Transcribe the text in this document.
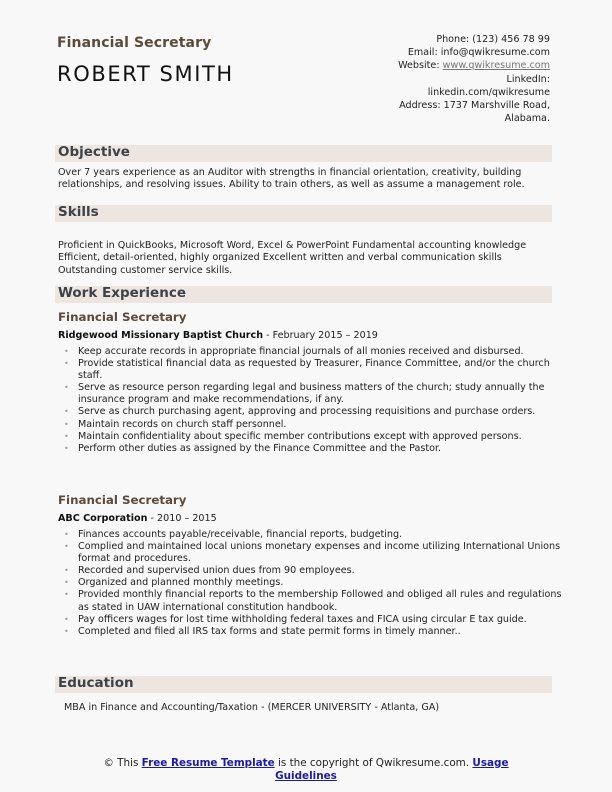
Financial Secretary
ROBERT SMITH
Phone: (123) 456 78 99
Email: info@qwikresume.com
Website: www.qwikresume.com
LinkedIn:
linkedin.com/qwikresume
Address: 1737 Marshville Road,
Alabama.
Objective
Over 7 years experience as an Auditor with strengths in financial orientation, creativity, building relationships, and resolving issues. Ability to train others, as well as assume a management role.
Skills
Proficient in QuickBooks, Microsoft Word, Excel & PowerPoint Fundamental accounting knowledge Efficient, detail-oriented, highly organized Excellent written and verbal communication skills Outstanding customer service skills.
Work Experience
Financial Secretary
Ridgewood Missionary Baptist Church - February 2015 – 2019
• Keep accurate records in appropriate financial journals of all monies received and disbursed.
• Provide statistical financial data as requested by Treasurer, Finance Committee, and/or the church staff.
• Serve as resource person regarding legal and business matters of the church; study annually the insurance program and make recommendations, if any.
• Serve as church purchasing agent, approving and processing requisitions and purchase orders.
• Maintain records on church staff personnel.
• Maintain confidentiality about specific member contributions except with approved persons.
• Perform other duties as assigned by the Finance Committee and the Pastor.
Financial Secretary
ABC Corporation - 2010 – 2015
• Finances accounts payable/receivable, financial reports, budgeting.
• Complied and maintained local unions monetary expenses and income utilizing International Unions format and procedures.
• Recorded and supervised union dues from 90 employees.
• Organized and planned monthly meetings.
• Provided monthly financial reports to the membership Followed and obliged all rules and regulations as stated in UAW international constitution handbook.
• Pay officers wages for lost time withholding federal taxes and FICA using circular E tax guide.
• Completed and filed all IRS tax forms and state permit forms in timely manner..
Education
MBA in Finance and Accounting/Taxation - (MERCER UNIVERSITY - Atlanta, GA)
© This Free Resume Template is the copyright of Qwikresume.com. Usage Guidelines
